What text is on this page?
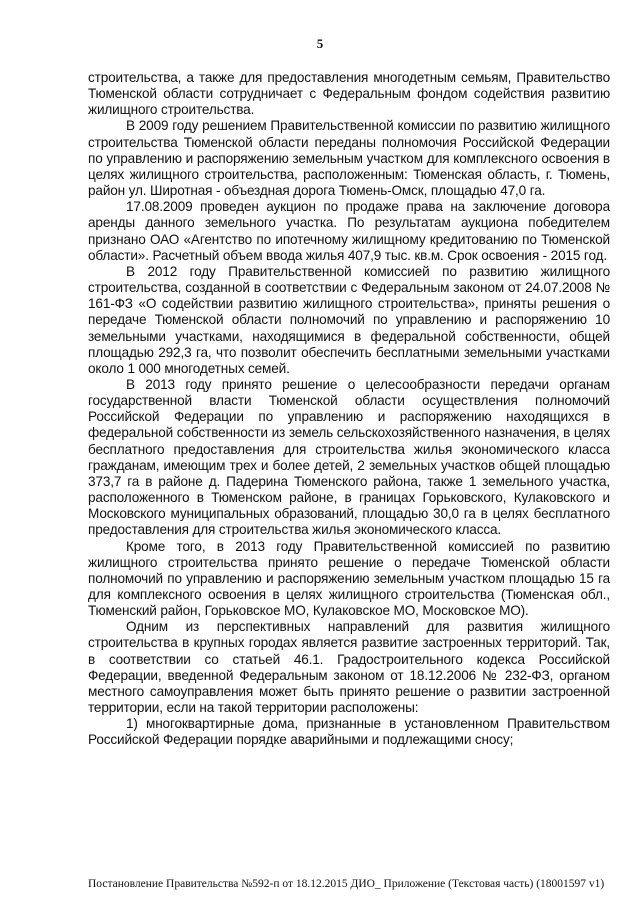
5

строительства, а также для предоставления многодетным семьям, Правительство Тюменской области сотрудничает с Федеральным фондом содействия развитию жилищного строительства.

В 2009 году решением Правительственной комиссии по развитию жилищного строительства Тюменской области переданы полномочия Российской Федерации по управлению и распоряжению земельным участком для комплексного освоения в целях жилищного строительства, расположенным: Тюменская область, г. Тюмень, район ул. Широтная - объездная дорога Тюмень-Омск, площадью 47,0 га.

17.08.2009 проведен аукцион по продаже права на заключение договора аренды данного земельного участка. По результатам аукциона победителем признано ОАО «Агентство по ипотечному жилищному кредитованию по Тюменской области». Расчетный объем ввода жилья 407,9 тыс. кв.м. Срок освоения - 2015 год.

В 2012 году Правительственной комиссией по развитию жилищного строительства, созданной в соответствии с Федеральным законом от 24.07.2008 № 161-ФЗ «О содействии развитию жилищного строительства», приняты решения о передаче Тюменской области полномочий по управлению и распоряжению 10 земельными участками, находящимися в федеральной собственности, общей площадью 292,3 га, что позволит обеспечить бесплатными земельными участками около 1 000 многодетных семей.

В 2013 году принято решение о целесообразности передачи органам государственной власти Тюменской области осуществления полномочий Российской Федерации по управлению и распоряжению находящихся в федеральной собственности из земель сельскохозяйственного назначения, в целях бесплатного предоставления для строительства жилья экономического класса гражданам, имеющим трех и более детей, 2 земельных участков общей площадью 373,7 га в районе д. Падерина Тюменского района, также 1 земельного участка, расположенного в Тюменском районе, в границах Горьковского, Кулаковского и Московского муниципальных образований, площадью 30,0 га в целях бесплатного предоставления для строительства жилья экономического класса.

Кроме того, в 2013 году Правительственной комиссией по развитию жилищного строительства принято решение о передаче Тюменской области полномочий по управлению и распоряжению земельным участком площадью 15 га для комплексного освоения в целях жилищного строительства (Тюменская обл., Тюменский район, Горьковское МО, Кулаковское МО, Московское МО).

Одним из перспективных направлений для развития жилищного строительства в крупных городах является развитие застроенных территорий. Так, в соответствии со статьей 46.1. Градостроительного кодекса Российской Федерации, введенной Федеральным законом от 18.12.2006 № 232-ФЗ, органом местного самоуправления может быть принято решение о развитии застроенной территории, если на такой территории расположены:

1) многоквартирные дома, признанные в установленном Правительством Российской Федерации порядке аварийными и подлежащими сносу;

Постановление Правительства №592-п от 18.12.2015 ДИО_ Приложение (Текстовая часть) (18001597 v1)
